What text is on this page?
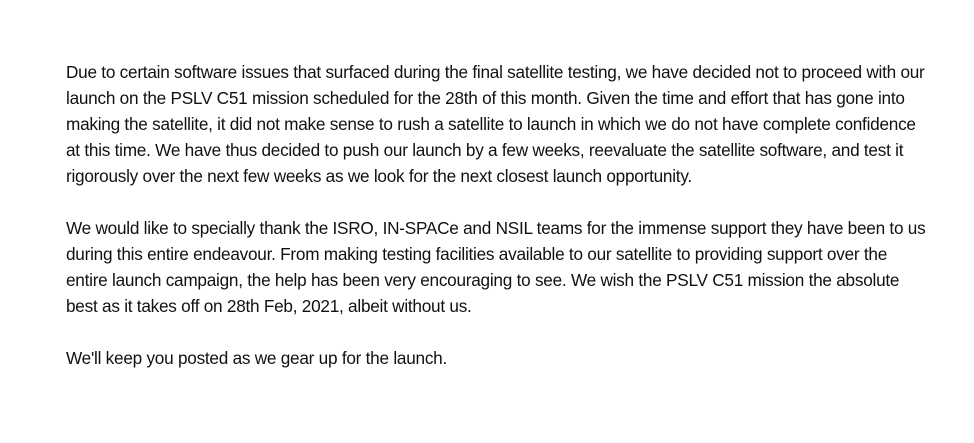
Due to certain software issues that surfaced during the final satellite testing, we have decided not to proceed with our launch on the PSLV C51 mission scheduled for the 28th of this month. Given the time and effort that has gone into making the satellite, it did not make sense to rush a satellite to launch in which we do not have complete confidence at this time. We have thus decided to push our launch by a few weeks, reevaluate the satellite software, and test it rigorously over the next few weeks as we look for the next closest launch opportunity.

We would like to specially thank the ISRO, IN-SPACe and NSIL teams for the immense support they have been to us during this entire endeavour. From making testing facilities available to our satellite to providing support over the entire launch campaign, the help has been very encouraging to see. We wish the PSLV C51 mission the absolute best as it takes off on 28th Feb, 2021, albeit without us.

We'll keep you posted as we gear up for the launch.
